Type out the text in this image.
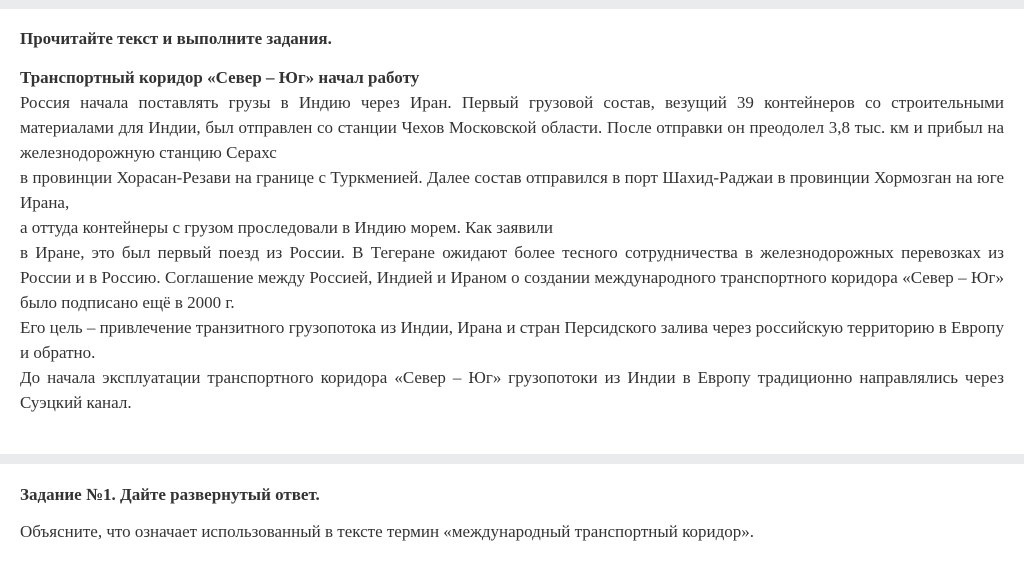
Прочитайте текст и выполните задания.

Транспортный коридор «Север – Юг» начал работу

Россия начала поставлять грузы в Индию через Иран. Первый грузовой состав, везущий 39 контейнеров со строительными материалами для Индии, был отправлен со станции Чехов Московской области. После отправки он преодолел 3,8 тыс. км и прибыл на железнодорожную станцию Серахс

в провинции Хорасан-Резави на границе с Туркменией. Далее состав отправился в порт Шахид-Раджаи в провинции Хормозган на юге Ирана,

а оттуда контейнеры с грузом проследовали в Индию морем. Как заявили

в Иране, это был первый поезд из России. В Тегеране ожидают более тесного сотрудничества в железнодорожных перевозках из России и в Россию. Соглашение между Россией, Индией и Ираном о создании международного транспортного коридора «Север – Юг» было подписано ещё в 2000 г.

Его цель – привлечение транзитного грузопотока из Индии, Ирана и стран Персидского залива через российскую территорию в Европу и обратно.

До начала эксплуатации транспортного коридора «Север – Юг» грузопотоки из Индии в Европу традиционно направлялись через Суэцкий канал.

Задание №1. Дайте развернутый ответ.

Объясните, что означает использованный в тексте термин «международный транспортный коридор».
